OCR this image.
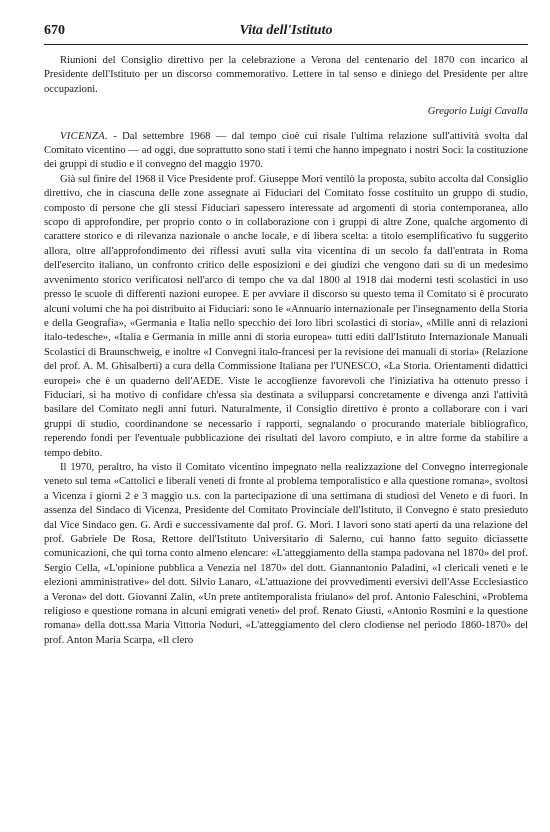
670	Vita dell'Istituto

Riunioni del Consiglio direttivo per la celebrazione a Verona del centenario del 1870 con incarico al Presidente dell'Istituto per un discorso commemorativo. Lettere in tal senso e diniego del Presidente per altre occupazioni.

Gregorio Luigi Cavalla

VICENZA. - Dal settembre 1968 — dal tempo cioè cui risale l'ultima relazione sull'attività svolta dal Comitato vicentino — ad oggi, due soprattutto sono stati i temi che hanno impegnato i nostri Soci: la costituzione dei gruppi di studio e il convegno del maggio 1970.

Già sul finire del 1968 il Vice Presidente prof. Giuseppe Mori ventilò la proposta, subito accolta dal Consiglio direttivo, che in ciascuna delle zone assegnate ai Fiduciari del Comitato fosse costituito un gruppo di studio, composto di persone che gli stessi Fiduciari sapessero interessate ad argomenti di storia contemporanea, allo scopo di approfondire, per proprio conto o in collaborazione con i gruppi di altre Zone, qualche argomento di carattere storico e di rilevanza nazionale o anche locale, e di libera scelta: a titolo esemplificativo fu suggerito allora, oltre all'approfondimento dei riflessi avuti sulla vita vicentina di un secolo fa dall'entrata in Roma dell'esercito italiano, un confronto critico delle esposizioni e dei giudizi che vengono dati su di un medesimo avvenimento storico verificatosi nell'arco di tempo che va dal 1800 al 1918 dai moderni testi scolastici in uso presso le scuole di differenti nazioni europee. E per avviare il discorso su questo tema il Comitato si è procurato alcuni volumi che ha poi distribuito ai Fiduciari: sono le «Annuario internazionale per l'insegnamento della Storia e della Geografia», «Germania e Italia nello specchio dei loro libri scolastici di storia», «Mille anni di relazioni italo-tedesche», «Italia e Germania in mille anni di storia europea» tutti editi dall'Istituto Internazionale Manuali Scolastici di Braunschweig, e inoltre «I Convegni italo-francesi per la revisione dei manuali di storia» (Relazione del prof. A. M. Ghisalberti) a cura della Commissione Italiana per l'UNESCO, «La Storia. Orientamenti didattici europei» che è un quaderno dell'AEDE. Viste le accoglienze favorevoli che l'iniziativa ha ottenuto presso i Fiduciari, si ha motivo di confidare ch'essa sia destinata a svilupparsi concretamente e divenga anzi l'attività basilare del Comitato negli anni futuri. Naturalmente, il Consiglio direttivo è pronto a collaborare con i vari gruppi di studio, coordinandone se necessario i rapporti, segnalando o procurando materiale bibliografico, reperendo fondi per l'eventuale pubblicazione dei risultati del lavoro compiuto, e in altre forme da stabilire a tempo debito.

Il 1970, peraltro, ha visto il Comitato vicentino impegnato nella realizzazione del Convegno interregionale veneto sul tema «Cattolici e liberali veneti di fronte al problema temporalistico e alla questione romana», svoltosi a Vicenza i giorni 2 e 3 maggio u.s. con la partecipazione di una settimana di studiosi del Veneto e di fuori. In assenza del Sindaco di Vicenza, Presidente del Comitato Provinciale dell'Istituto, il Convegno è stato presieduto dal Vice Sindaco gen. G. Ardi e successivamente dal prof. G. Mori. I lavori sono stati aperti da una relazione del prof. Gabriele De Rosa, Rettore dell'Istituto Universitario di Salerno, cui hanno fatto seguito diciassette comunicazioni, che qui torna conto almeno elencare: «L'atteggiamento della stampa padovana nel 1870» del prof. Sergio Cella, «L'opinione pubblica a Venezia nel 1870» del dott. Giannantonio Paladini, «I clericali veneti e le elezioni amministrative» del dott. Silvio Lanaro, «L'attuazione dei provvedimenti eversivi dell'Asse Ecclesiastico a Verona» del dott. Giovanni Zalin, «Un prete antitemporalista friulano» del prof. Antonio Faleschini, «Problema religioso e questione romana in alcuni emigrati veneti» del prof. Renato Giusti, «Antonio Rosmini e la questione romana» della dott.ssa Maria Vittoria Noduri, «L'atteggiamento del clero clodiense nel periodo 1860-1870» del prof. Anton Maria Scarpa, «Il clero
